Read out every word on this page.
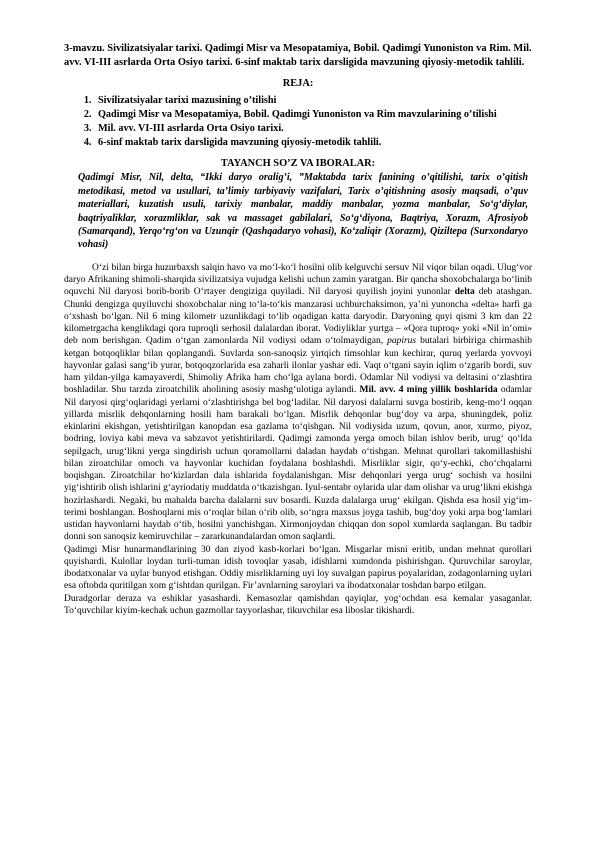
3-mavzu. Sivilizatsiyalar tarixi. Qadimgi Misr va Mesopatamiya, Bobil. Qadimgi Yunoniston va Rim. Mil. avv. VI-III asrlarda Orta Osiyo tarixi. 6-sinf maktab tarix darsligida mavzuning qiyosiy-metodik tahlili.

REJA:
1. Sivilizatsiyalar tarixi mazusining o’tilishi
2. Qadimgi Misr va Mesopatamiya, Bobil. Qadimgi Yunoniston va Rim mavzularining o’tilishi
3. Mil. avv. VI-III asrlarda Orta Osiyo tarixi.
4. 6-sinf maktab tarix darsligida mavzuning qiyosiy-metodik tahlili.
TAYANCH SO’Z VA IBORALAR:

Qadimgi Misr, Nil, delta, “Ikki daryo oralig’i, ”Maktabda tarix fanining o’qitilishi, tarix o’qitish metodikasi, metod va usullari, ta’limiy tarbiyaviy vazifalari, Tarix o’qitishning asosiy maqsadi, o’quv materiallari, kuzatish usuli, tarixiy manbalar, maddiy manbalar, yozma manbalar, So‘g‘diylar, baqtriyaliklar, xorazmliklar, sak va massaget gabilalari, So‘g‘diyona, Baqtriya, Xorazm, Afrosiyob (Samarqand), Yerqo‘rg‘on va Uzunqir (Qashqadaryo vohasi), Ko‘zaliqir (Xorazm), Qiziltepa (Surxondaryo vohasi)

O‘zi bilan birga huzurbaxsh salqin havo va mo‘l-ko‘l hosilni olib kelguvchi sersuv Nil viqor bilan oqadi. Ulug‘vor daryo Afrikaning shimoli-sharqida sivilizatsiya vujudga kelishi uchun zamin yaratgan. Bir qancha shoxobchalarga bo‘linib oquvchi Nil daryosi borib-borib O‘rtayer dengiziga quyiladi. Nil daryosi quyilish joyini yunonlar delta deb atashgan. Chunki dengizga quyiluvchi shoxobchalar ning to‘la-to‘kis manzarasi uchburchaksimon, ya’ni yunoncha «delta» harfi ga o‘xshash bo‘lgan. Nil 6 ming kilometr uzunlikdagi to‘lib oqadigan katta daryodir. Daryoning quyi qismi 3 km dan 22 kilometrgacha kenglikdagi qora tuproqli serhosil dalalardan iborat. Vodiyliklar yurtga – «Qora tuproq» yoki «Nil in’omi» deb nom berishgan. Qadim o‘tgan zamonlarda Nil vodiysi odam o‘tolmaydigan, papirus butalari birbiriga chirmashib ketgan botqoqliklar bilan qoplangandi. Suvlarda son-sanoqsiz yirtqich timsohlar kun kechirar, quruq yerlarda yovvoyi hayvonlar galasi sang‘ib yurar, botqoqzorlarida esa zaharli ilonlar yashar edi. Vaqt o‘tgani sayin iqlim o‘zgarib bordi, suv ham yildan-yilga kamayaverdi, Shimoliy Afrika ham cho‘lga aylana bordi. Odamlar Nil vodiysi va deltasini o‘zlashtira boshladilar. Shu tarzda ziroatchilik aholining asosiy mashg‘ulotiga aylandi. Mil. avv. 4 ming yillik boshlarida odamlar Nil daryosi qirg‘oqlaridagi yerlarni o‘zlashtirishga bel bog‘ladilar. Nil daryosi dalalarni suvga bostirib, keng-mo‘l oqqan yillarda misrlik dehqonlarning hosili ham barakali bo‘lgan. Misrlik dehqonlar bug‘doy va arpa, shuningdek, poliz ekinlarini ekishgan, yetishtirilgan kanopdan esa gazlama to‘qishgan. Nil vodiysida uzum, qovun, anor, xurmo, piyoz, bodring, loviya kabi meva va sabzavot yetishtirilardi. Qadimgi zamonda yerga omoch bilan ishlov berib, urug‘ qo‘lda sepilgach, urug‘likni yerga singdirish uchun qoramollarni daladan haydab o‘tishgan. Mehnat qurollari takomillashishi bilan ziroatchilar omoch va hayvonlar kuchidan foydalana boshlashdi. Misrliklar sigir, qo‘y-echki, cho‘chqalarni boqishgan. Ziroatchilar ho‘kizlardan dala ishlarida foydalanishgan. Misr dehqonlari yerga urug‘ sochish va hosilni yig‘ishtirib olish ishlarini g‘ayriodatiy muddatda o‘tkazishgan. Iyul-sentabr oylarida ular dam olishar va urug‘likni ekishga hozirlashardi. Negaki, bu mahalda barcha dalalarni suv bosardi. Kuzda dalalarga urug‘ ekilgan. Qishda esa hosil yig‘im-terimi boshlangan. Boshoqlarni mis o‘roqlar bilan o‘rib olib, so‘ngra maxsus joyga tashib, bug‘doy yoki arpa bog‘lamlari ustidan hayvonlarni haydab o‘tib, hosilni yanchishgan. Xirmonjoydan chiqqan don sopol xumlarda saqlangan. Bu tadbir donni son sanoqsiz kemiruvchilar – zararkunandalardan omon saqlardi.

Qadimgi Misr hunarmandlarining 30 dan ziyod kasb-korlari bo‘lgan. Misgarlar misni eritib, undan mehnat qurollari quyishardi. Kulollar loydan turli-tuman idish tovoqlar yasab, idishlarni xumdonda pishirishgan. Quruvchilar saroylar, ibodatxonalar va uylar bunyod etishgan. Oddiy misrliklarning uyi loy suvalgan papirus poyalaridan, zodagonlarning uylari esa oftobda quritilgan xom g‘ishtdan qurilgan. Fir’avnlarning saroylari va ibodatxonalar toshdan barpo etilgan.

Duradgorlar deraza va eshiklar yasashardi. Kemasozlar qamishdan qayiqlar, yog‘ochdan esa kemalar yasaganlar. To‘quvchilar kiyim-kechak uchun gazmollar tayyorlashar, tikuvchilar esa liboslar tikishardi.
